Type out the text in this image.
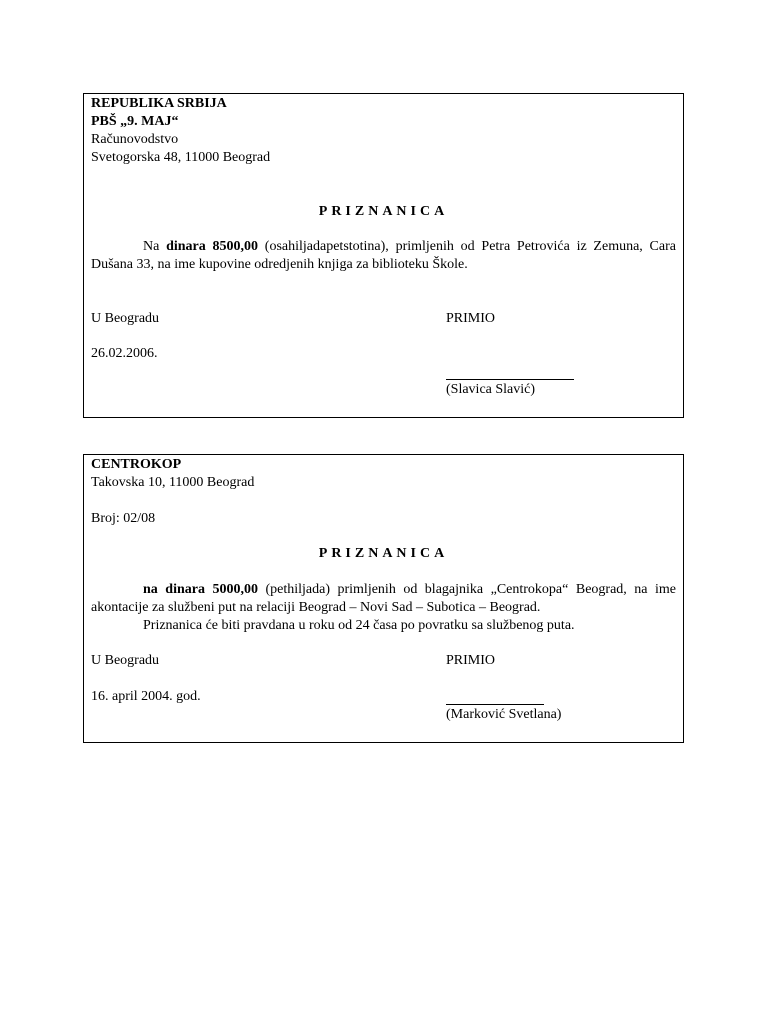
REPUBLIKA SRBIJA
PBŠ „9. MAJ“
Računovodstvo
Svetogorska 48, 11000 Beograd
PRIZNANICA
Na dinara 8500,00 (osahiljadapetstotina), primljenih od Petra Petrovića iz Zemuna, Cara Dušana 33, na ime kupovine odredjenih knjiga za biblioteku Škole.
U Beogradu	PRIMIO
26.02.2006.
(Slavica Slavić)
CENTROKOP
Takovska 10, 11000 Beograd
Broj: 02/08
PRIZNANICA
na dinara 5000,00 (pethiljada) primljenih od blagajnika „Centrokopa“ Beograd, na ime akontacije za službeni put na relaciji Beograd – Novi Sad – Subotica – Beograd.
Priznanica će biti pravdana u roku od 24 časa po povratku sa službenog puta.
U Beogradu	PRIMIO
16. april 2004. god.
(Marković Svetlana)
